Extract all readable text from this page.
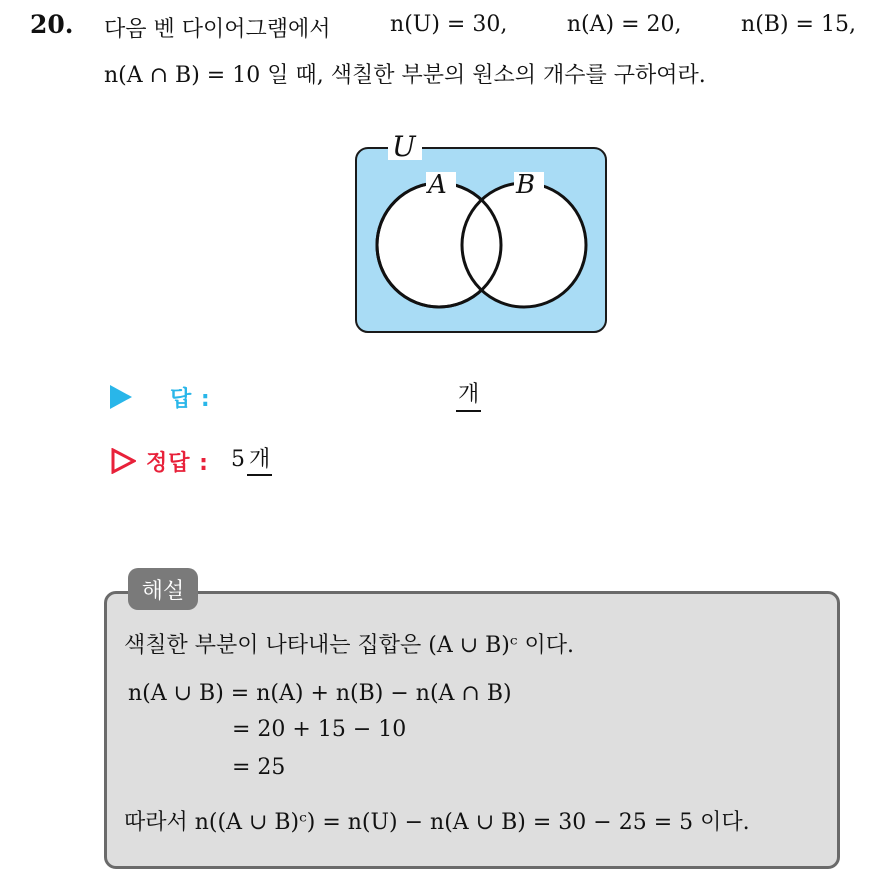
20. 다음 벤 다이어그램에서	n(U) = 30,	n(A) = 20,	n(B) = 15,
n(A ∩ B) = 10 일 때, 색칠한 부분의 원소의 개수를 구하여라.
U
A	B
답 :	개
정답 : 5 개
해설
색칠한 부분이 나타내는 집합은 (A ∪ B)ᶜ 이다.
n(A ∪ B) = n(A) + n(B) − n(A ∩ B)
= 20 + 15 − 10
= 25
따라서 n((A ∪ B)ᶜ) = n(U) − n(A ∪ B) = 30 − 25 = 5 이다.
